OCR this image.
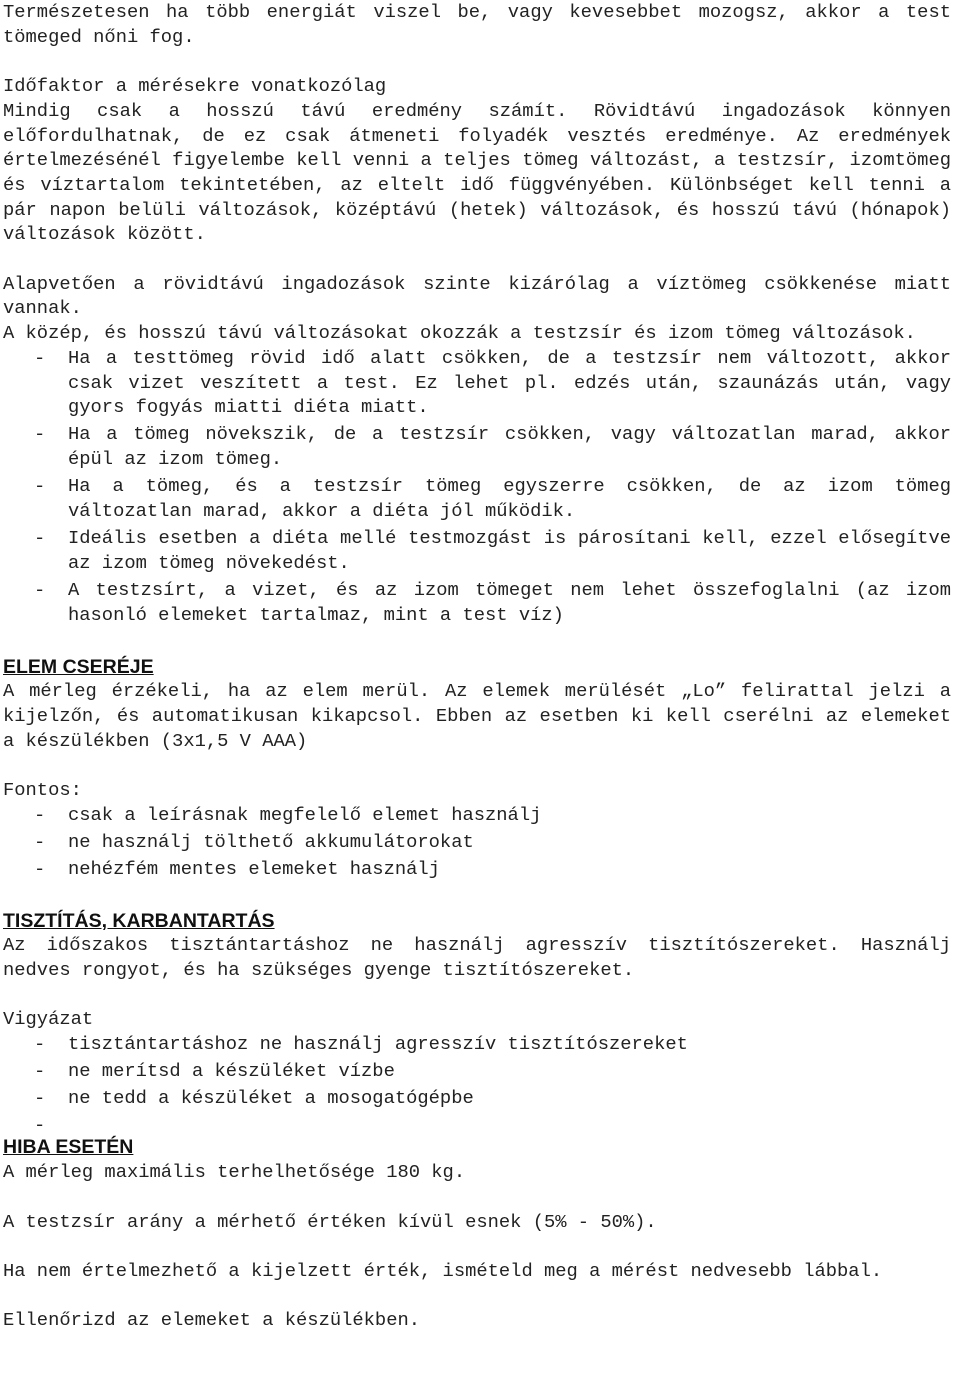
Természetesen ha több energiát viszel be, vagy kevesebbet mozogsz, akkor a test tömeged nőni fog.

Időfaktor a mérésekre vonatkozólag

Mindig csak a hosszú távú eredmény számít. Rövidtávú ingadozások könnyen előfordulhatnak, de ez csak átmeneti folyadék vesztés eredménye. Az eredmények értelmezésénél figyelembe kell venni a teljes tömeg változást, a testzsír, izomtömeg és víztartalom tekintetében, az eltelt idő függvényében. Különbséget kell tenni a pár napon belüli változások, középtávú (hetek) változások, és hosszú távú (hónapok) változások között.

Alapvetően a rövidtávú ingadozások szinte kizárólag a víztömeg csökkenése miatt vannak.

A közép, és hosszú távú változásokat okozzák a testzsír és izom tömeg változások.

- Ha a testtömeg rövid idő alatt csökken, de a testzsír nem változott, akkor csak vizet veszített a test. Ez lehet pl. edzés után, szaunázás után, vagy gyors fogyás miatti diéta miatt.
- Ha a tömeg növekszik, de a testzsír csökken, vagy változatlan marad, akkor épül az izom tömeg.
- Ha a tömeg, és a testzsír tömeg egyszerre csökken, de az izom tömeg változatlan marad, akkor a diéta jól működik.
- Ideális esetben a diéta mellé testmozgást is párosítani kell, ezzel elősegítve az izom tömeg növekedést.
- A testzsírt, a vizet, és az izom tömeget nem lehet összefoglalni (az izom hasonló elemeket tartalmaz, mint a test víz)
ELEM CSERÉJE

A mérleg érzékeli, ha az elem merül. Az elemek merülését „Lo” felirattal jelzi a kijelzőn, és automatikusan kikapcsol. Ebben az esetben ki kell cserélni az elemeket a készülékben (3x1,5 V AAA)

Fontos:

- csak a leírásnak megfelelő elemet használj
- ne használj tölthető akkumulátorokat
- nehézfém mentes elemeket használj
TISZTÍTÁS, KARBANTARTÁS

Az időszakos tisztántartáshoz ne használj agresszív tisztítószereket. Használj nedves rongyot, és ha szükséges gyenge tisztítószereket.

Vigyázat

- tisztántartáshoz ne használj agresszív tisztítószereket
- ne merítsd a készüléket vízbe
- ne tedd a készüléket a mosogatógépbe
-
HIBA ESETÉN

A mérleg maximális terhelhetősége 180 kg.

A testzsír arány a mérhető értéken kívül esnek (5% - 50%).

Ha nem értelmezhető a kijelzett érték, ismételd meg a mérést nedvesebb lábbal.

Ellenőrizd az elemeket a készülékben.
